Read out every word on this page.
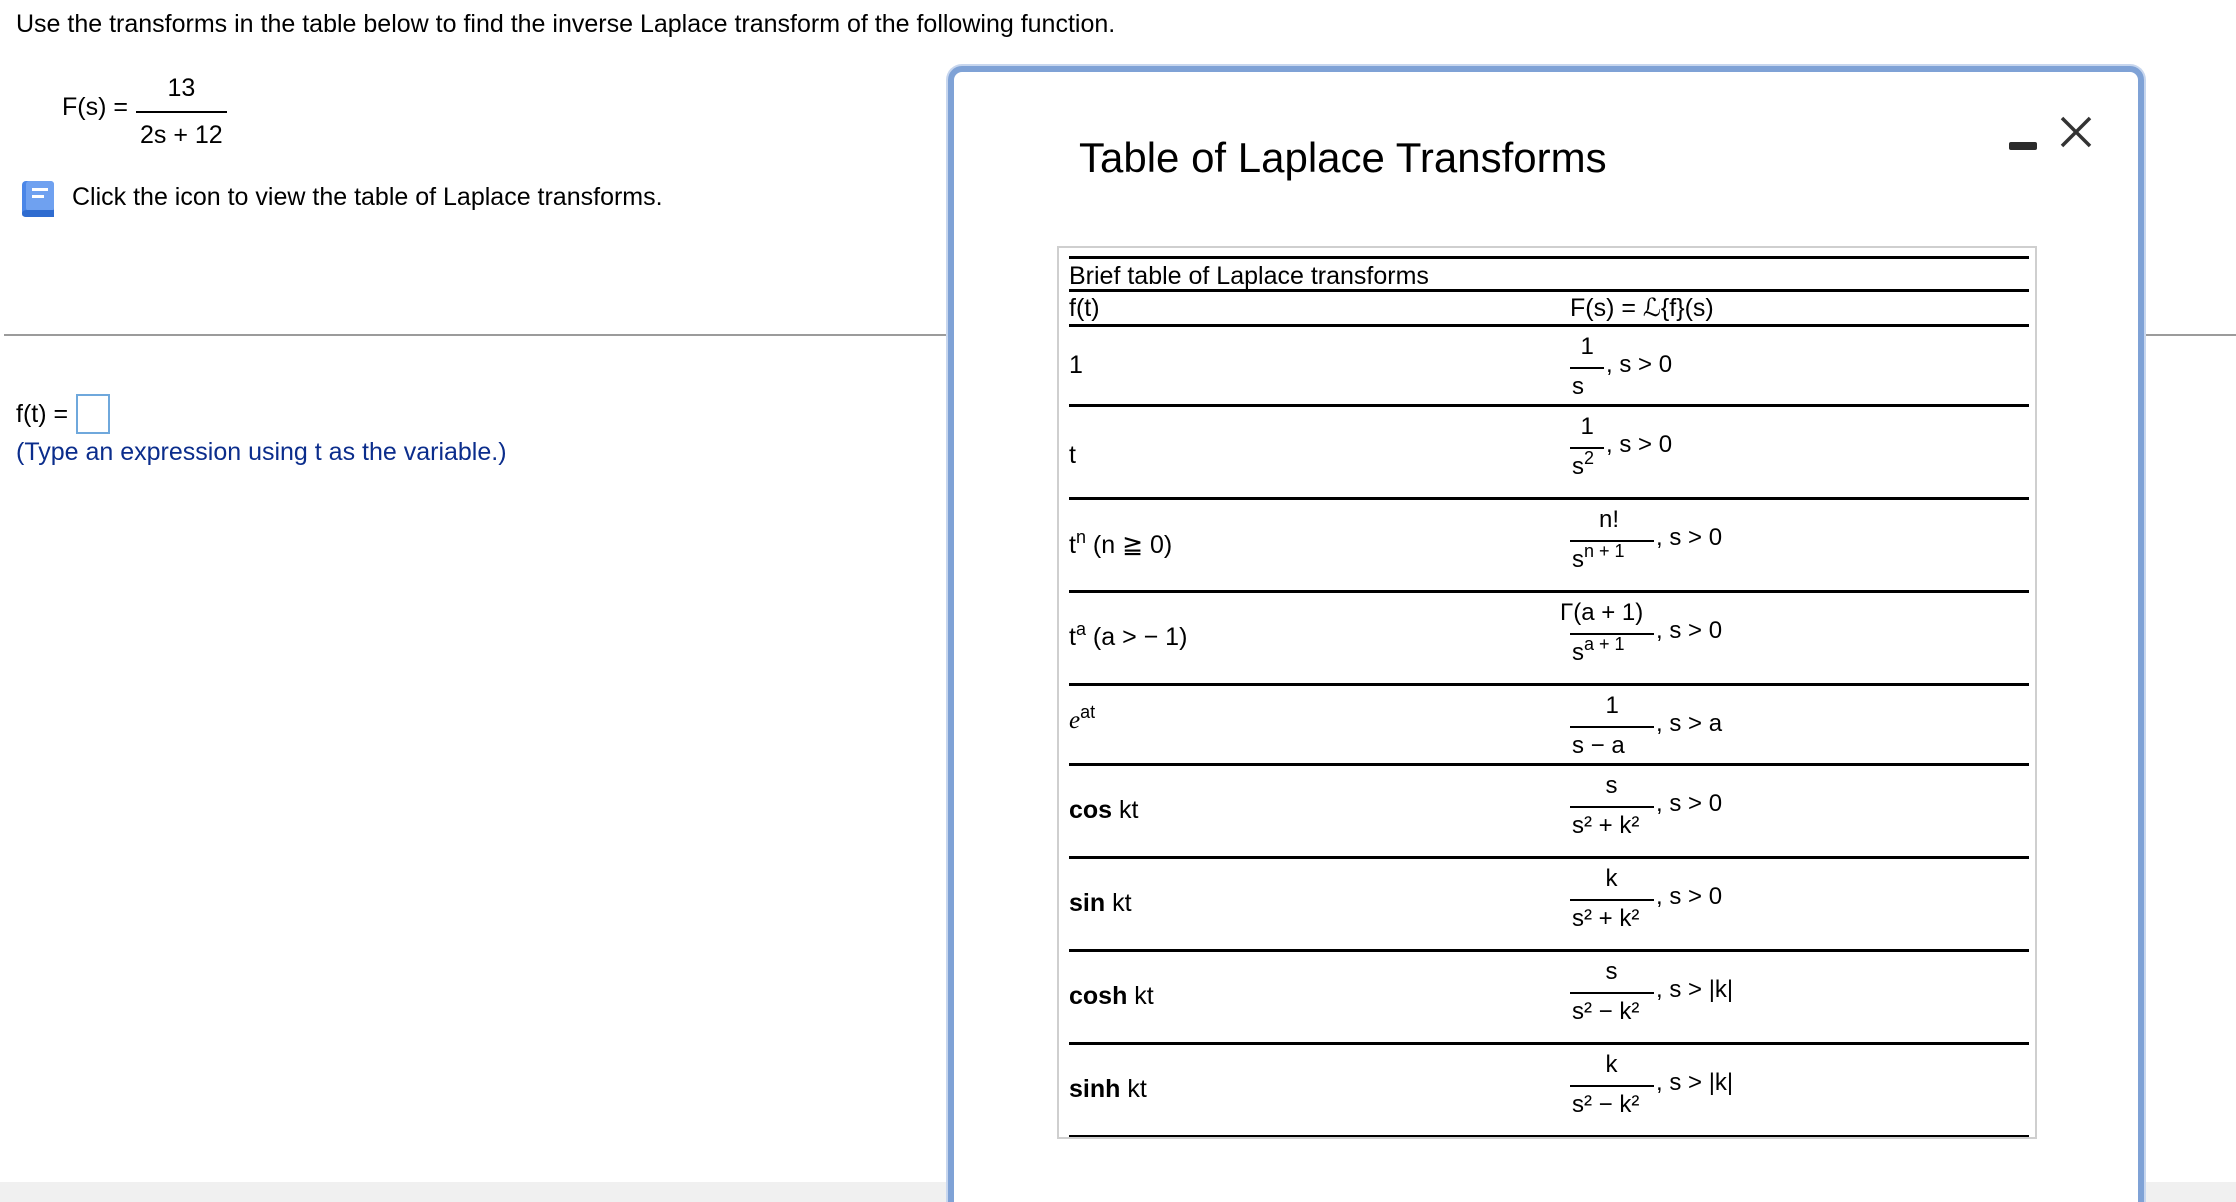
Use the transforms in the table below to find the inverse Laplace transform of the following function.
F(s) =
13
2s + 12
Click the icon to view the table of Laplace transforms.
f(t) =
(Type an expression using t as the variable.)
Table of Laplace Transforms
Brief table of Laplace transforms
f(t)	F(s) = ℒ{f}(s)
1
1
s
, s > 0
t
1
$s^2$ , s > 0
$t^n$ (n ≧ 0)
n!
$s^{n + 1}$ , s > 0
$t^a$ (a > − 1)
Γ(a + 1)
$s^{a + 1}$ , s > 0
$e^{at}$	1
s − a
, s > a
cos kt
s
s² + k²
, s > 0
sin kt
k
s² + k²
, s > 0
cosh kt
s
s² − k²
, s > |k|
sinh kt
k
s² − k²
, s > |k|
